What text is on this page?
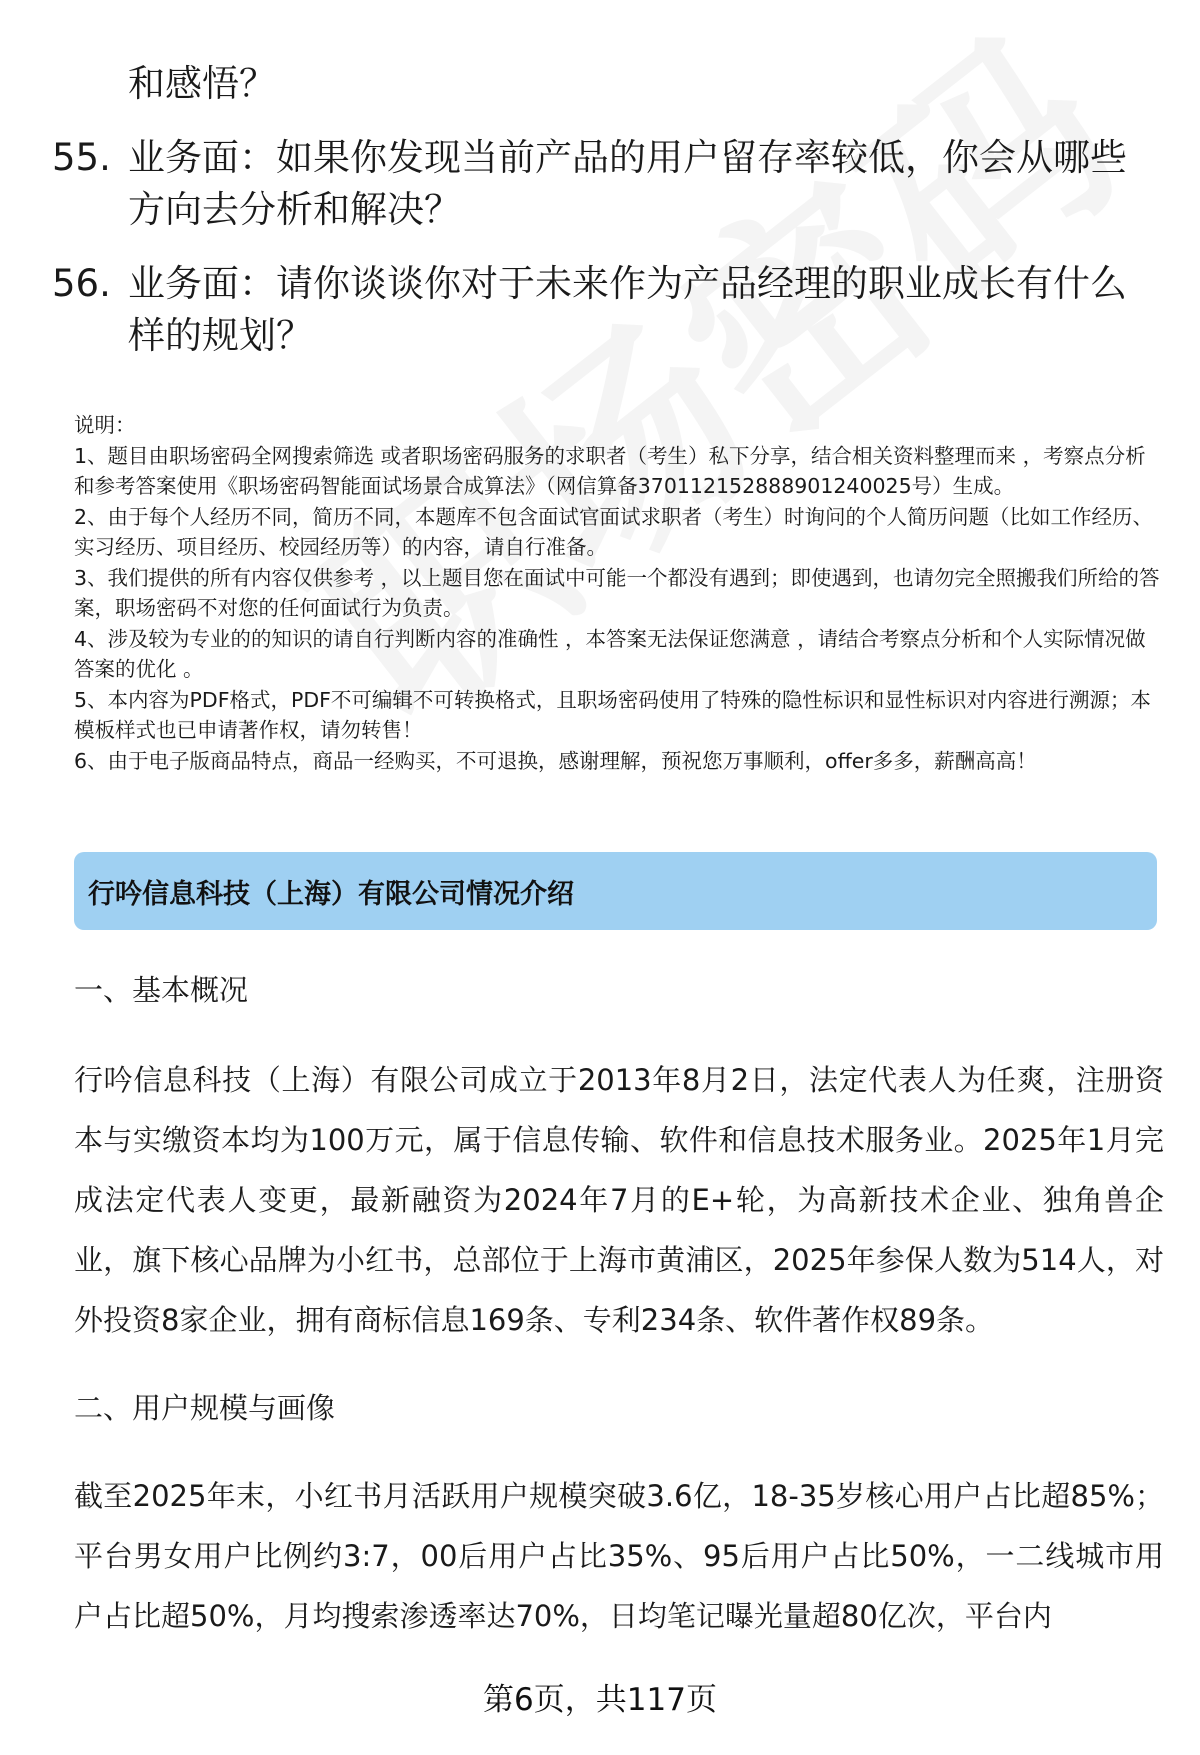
和感悟？

55. 业务面：如果你发现当前产品的用户留存率较低，你会从哪些方向去分析和解决？
56. 业务面：请你谈谈你对于未来作为产品经理的职业成长有什么样的规划？

说明：

1、题目由职场密码全网搜索筛选 或者职场密码服务的求职者（考生）私下分享，结合相关资料整理而来 ，考察点分析和参考答案使用《职场密码智能面试场景合成算法》（网信算备370112152888901240025号）生成。

2、由于每个人经历不同，简历不同，本题库不包含面试官面试求职者（考生）时询问的个人简历问题（比如工作经历、实习经历、项目经历、校园经历等）的内容，请自行准备。

3、我们提供的所有内容仅供参考 ，以上题目您在面试中可能一个都没有遇到；即使遇到，也请勿完全照搬我们所给的答案，职场密码不对您的任何面试行为负责。

4、涉及较为专业的的知识的请自行判断内容的准确性 ，本答案无法保证您满意 ，请结合考察点分析和个人实际情况做答案的优化 。

5、本内容为PDF格式，PDF不可编辑不可转换格式，且职场密码使用了特殊的隐性标识和显性标识对内容进行溯源；本模板样式也已申请著作权，请勿转售！

6、由于电子版商品特点，商品一经购买，不可退换，感谢理解，预祝您万事顺利，offer多多，薪酬高高！

行吟信息科技（上海）有限公司情况介绍
一、基本概况

行吟信息科技（上海）有限公司成立于2013年8月2日，法定代表人为任爽，注册资本与实缴资本均为100万元，属于信息传输、软件和信息技术服务业。2025年1月完成法定代表人变更，最新融资为2024年7月的E+轮，为高新技术企业、独角兽企业，旗下核心品牌为小红书，总部位于上海市黄浦区，2025年参保人数为514人，对外投资8家企业，拥有商标信息169条、专利234条、软件著作权89条。

二、用户规模与画像

截至2025年末，小红书月活跃用户规模突破3.6亿，18-35岁核心用户占比超85%；平台男女用户比例约3:7，00后用户占比35%、95后用户占比50%，一二线城市用户占比超50%，月均搜索渗透率达70%，日均笔记曝光量超80亿次，平台内

第6页，共117页
